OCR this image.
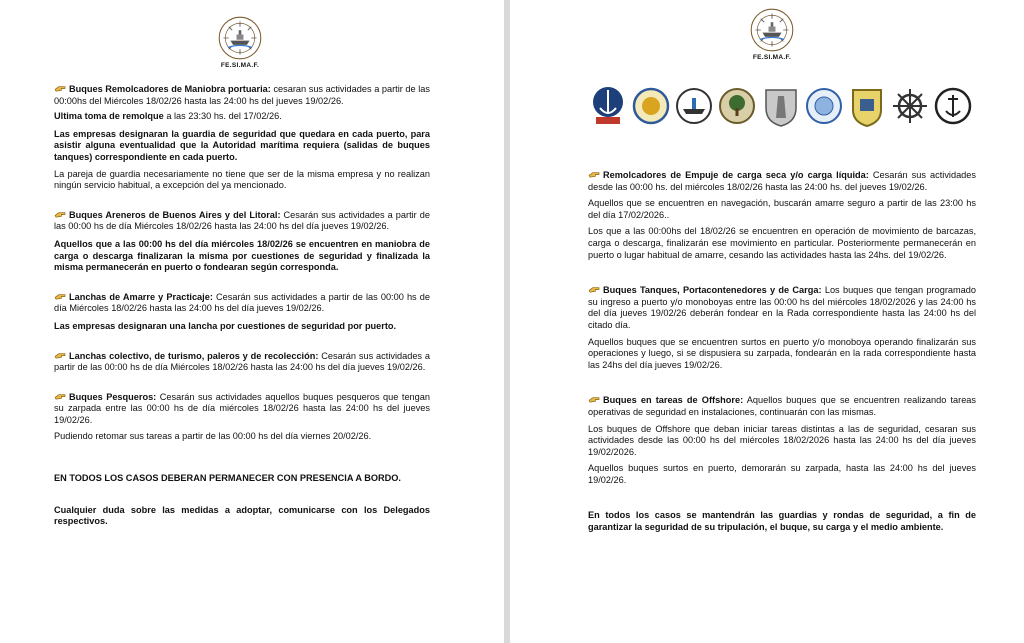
FE.SI.MA.F.

Buques Remolcadores de Maniobra portuaria: cesaran sus actividades a partir de las 00:00hs del Miércoles 18/02/26 hasta las 24:00 hs del jueves 19/02/26.

Ultima toma de remolque a las 23:30 hs. del 17/02/26.

Las empresas designaran la guardia de seguridad que quedara en cada puerto, para asistir alguna eventualidad que la Autoridad marítima requiera (salidas de buques tanques) correspondiente en cada puerto.

La pareja de guardia necesariamente no tiene que ser de la misma empresa y no realizan ningún servicio habitual, a excepción del ya mencionado.

Buques Areneros de Buenos Aires y del Litoral: Cesarán sus actividades a partir de las 00:00 hs de día Miércoles 18/02/26 hasta las 24:00 hs del día jueves 19/02/26.

Aquellos que a las 00:00 hs del día miércoles 18/02/26 se encuentren en maniobra de carga o descarga finalizaran la misma por cuestiones de seguridad y finalizada la misma permanecerán en puerto o fondearan según corresponda.

Lanchas de Amarre y Practicaje: Cesarán sus actividades a partir de las 00:00 hs de día Miércoles 18/02/26 hasta las 24:00 hs del día jueves 19/02/26.

Las empresas designaran una lancha por cuestiones de seguridad por puerto.

Lanchas colectivo, de turismo, paleros y de recolección: Cesarán sus actividades a partir de las 00:00 hs de día Miércoles 18/02/26 hasta las 24:00 hs del día jueves 19/02/26.

Buques Pesqueros: Cesarán sus actividades aquellos buques pesqueros que tengan su zarpada entre las 00:00 hs de día miércoles 18/02/26 hasta las 24:00 hs del jueves 19/02/26.

Pudiendo retomar sus tareas a partir de las 00:00 hs del día viernes 20/02/26.

EN TODOS LOS CASOS DEBERAN PERMANECER CON PRESENCIA A BORDO.

Cualquier duda sobre las medidas a adoptar, comunicarse con los Delegados respectivos.

FE.SI.MA.F.

Remolcadores de Empuje de carga seca y/o carga líquida: Cesarán sus actividades desde las 00:00 hs. del miércoles 18/02/26 hasta las 24:00 hs. del jueves 19/02/26.

Aquellos que se encuentren en navegación, buscarán amarre seguro a partir de las 23:00 hs del día 17/02/2026..

Los que a las 00:00hs del 18/02/26 se encuentren en operación de movimiento de barcazas, carga o descarga, finalizarán ese movimiento en particular. Posteriormente permanecerán en puerto o lugar habitual de amarre, cesando las actividades hasta las 24hs. del 19/02/26.

Buques Tanques, Portacontenedores y de Carga: Los buques que tengan programado su ingreso a puerto y/o monoboyas entre las 00:00 hs del miércoles 18/02/2026 y las 24:00 hs del día jueves 19/02/26 deberán fondear en la Rada correspondiente hasta las 24:00 hs del citado día.

Aquellos buques que se encuentren surtos en puerto y/o monoboya operando finalizarán sus operaciones y luego, si se dispusiera su zarpada, fondearán en la rada correspondiente hasta las 24hs del día jueves 19/02/26.

Buques en tareas de Offshore: Aquellos buques que se encuentren realizando tareas operativas de seguridad en instalaciones, continuarán con las mismas.

Los buques de Offshore que deban iniciar tareas distintas a las de seguridad, cesaran sus actividades desde las 00:00 hs del miércoles 18/02/2026 hasta las 24:00 hs del día jueves 19/02/2026.

Aquellos buques surtos en puerto, demorarán su zarpada, hasta las 24:00 hs del jueves 19/02/26.

En todos los casos se mantendrán las guardias y rondas de seguridad, a fin de garantizar la seguridad de su tripulación, el buque, su carga y el medio ambiente.
